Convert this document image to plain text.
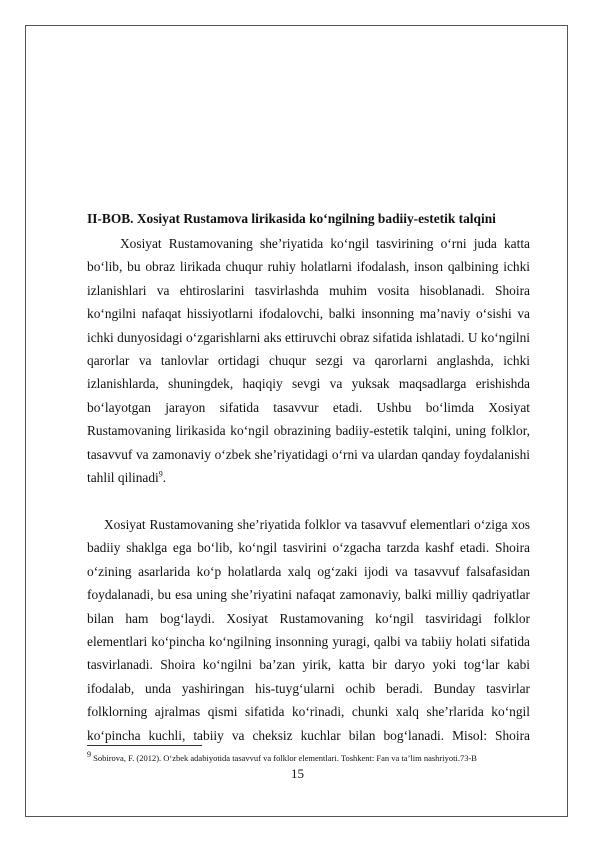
II-BOB. Xosiyat Rustamova lirikasida ko‘ngilning badiiy-estetik talqini

Xosiyat Rustamovaning she’riyatida ko‘ngil tasvirining o‘rni juda katta bo‘lib, bu obraz lirikada chuqur ruhiy holatlarni ifodalash, inson qalbining ichki izlanishlari va ehtiroslarini tasvirlashda muhim vosita hisoblanadi. Shoira ko‘ngilni nafaqat hissiyotlarni ifodalovchi, balki insonning ma’naviy o‘sishi va ichki dunyosidagi o‘zgarishlarni aks ettiruvchi obraz sifatida ishlatadi. U ko‘ngilni qarorlar va tanlovlar ortidagi chuqur sezgi va qarorlarni anglashda, ichki izlanishlarda, shuningdek, haqiqiy sevgi va yuksak maqsadlarga erishishda bo‘layotgan jarayon sifatida tasavvur etadi. Ushbu bo‘limda Xosiyat Rustamovaning lirikasida ko‘ngil obrazining badiiy-estetik talqini, uning folklor, tasavvuf va zamonaviy o‘zbek she’riyatidagi o‘rni va ulardan qanday foydalanishi tahlil qilinadi$^9$.

Xosiyat Rustamovaning she’riyatida folklor va tasavvuf elementlari o‘ziga xos badiiy shaklga ega bo‘lib, ko‘ngil tasvirini o‘zgacha tarzda kashf etadi. Shoira o‘zining asarlarida ko‘p holatlarda xalq og‘zaki ijodi va tasavvuf falsafasidan foydalanadi, bu esa uning she’riyatini nafaqat zamonaviy, balki milliy qadriyatlar bilan ham bog‘laydi. Xosiyat Rustamovaning ko‘ngil tasviridagi folklor elementlari ko‘pincha ko‘ngilning insonning yuragi, qalbi va tabiiy holati sifatida tasvirlanadi. Shoira ko‘ngilni ba’zan yirik, katta bir daryo yoki tog‘lar kabi ifodalab, unda yashiringan his-tuyg‘ularni ochib beradi. Bunday tasvirlar folklorning ajralmas qismi sifatida ko‘rinadi, chunki xalq she’rlarida ko‘ngil ko‘pincha kuchli, tabiiy va cheksiz kuchlar bilan bog‘lanadi. Misol: Shoira

$^9$ Sobirova, F. (2012). O‘zbek adabiyotida tasavvuf va folklor elementlari. Toshkent: Fan va ta’lim nashriyoti.73-B
15
